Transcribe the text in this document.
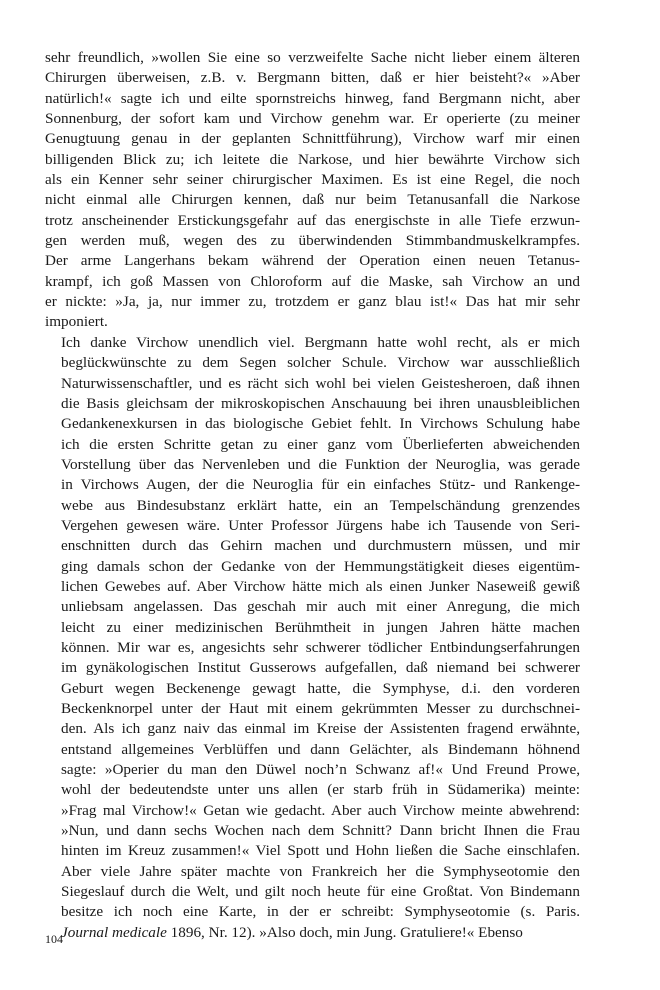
sehr freundlich, »wollen Sie eine so verzweifelte Sache nicht lieber einem älteren
Chirurgen überweisen, z.B. v. Bergmann bitten, daß er hier beisteht?« »Aber
natürlich!« sagte ich und eilte spornstreichs hinweg, fand Bergmann nicht, aber
Sonnenburg, der sofort kam und Virchow genehm war. Er operierte (zu meiner
Genugtuung genau in der geplanten Schnittführung), Virchow warf mir einen
billigenden Blick zu; ich leitete die Narkose, und hier bewährte Virchow sich
als ein Kenner sehr seiner chirurgischer Maximen. Es ist eine Regel, die noch
nicht einmal alle Chirurgen kennen, daß nur beim Tetanusanfall die Narkose
trotz anscheinender Erstickungsgefahr auf das energischste in alle Tiefe erzwun-
gen werden muß, wegen des zu überwindenden Stimmbandmuskelkrampfes.
Der arme Langerhans bekam während der Operation einen neuen Tetanus-
krampf, ich goß Massen von Chloroform auf die Maske, sah Virchow an und
er nickte: »Ja, ja, nur immer zu, trotzdem er ganz blau ist!« Das hat mir sehr
imponiert.

Ich danke Virchow unendlich viel. Bergmann hatte wohl recht, als er mich
beglückwünschte zu dem Segen solcher Schule. Virchow war ausschließlich
Naturwissenschaftler, und es rächt sich wohl bei vielen Geistesheroen, daß ihnen
die Basis gleichsam der mikroskopischen Anschauung bei ihren unausbleiblichen
Gedankenexkursen in das biologische Gebiet fehlt. In Virchows Schulung habe
ich die ersten Schritte getan zu einer ganz vom Überlieferten abweichenden
Vorstellung über das Nervenleben und die Funktion der Neuroglia, was gerade
in Virchows Augen, der die Neuroglia für ein einfaches Stütz- und Rankenge-
webe aus Bindesubstanz erklärt hatte, ein an Tempelschändung grenzendes
Vergehen gewesen wäre. Unter Professor Jürgens habe ich Tausende von Seri-
enschnitten durch das Gehirn machen und durchmustern müssen, und mir
ging damals schon der Gedanke von der Hemmungstätigkeit dieses eigentüm-
lichen Gewebes auf. Aber Virchow hätte mich als einen Junker Naseweiß gewiß
unliebsam angelassen. Das geschah mir auch mit einer Anregung, die mich
leicht zu einer medizinischen Berühmtheit in jungen Jahren hätte machen
können. Mir war es, angesichts sehr schwerer tödlicher Entbindungserfahrungen
im gynäkologischen Institut Gusserows aufgefallen, daß niemand bei schwerer
Geburt wegen Beckenenge gewagt hatte, die Symphyse, d.i. den vorderen
Beckenknorpel unter der Haut mit einem gekrümmten Messer zu durchschnei-
den. Als ich ganz naiv das einmal im Kreise der Assistenten fragend erwähnte,
entstand allgemeines Verblüffen und dann Gelächter, als Bindemann höhnend
sagte: »Operier du man den Düwel noch’n Schwanz af!« Und Freund Prowe,
wohl der bedeutendste unter uns allen (er starb früh in Südamerika) meinte:
»Frag mal Virchow!« Getan wie gedacht. Aber auch Virchow meinte abwehrend:
»Nun, und dann sechs Wochen nach dem Schnitt? Dann bricht Ihnen die Frau
hinten im Kreuz zusammen!« Viel Spott und Hohn ließen die Sache einschlafen.
Aber viele Jahre später machte von Frankreich her die Symphyseotomie den
Siegeslauf durch die Welt, und gilt noch heute für eine Großtat. Von Bindemann
besitze ich noch eine Karte, in der er schreibt: Symphyseotomie (s. Paris.
Journal medicale 1896, Nr. 12). »Also doch, min Jung. Gratuliere!« Ebenso

104
